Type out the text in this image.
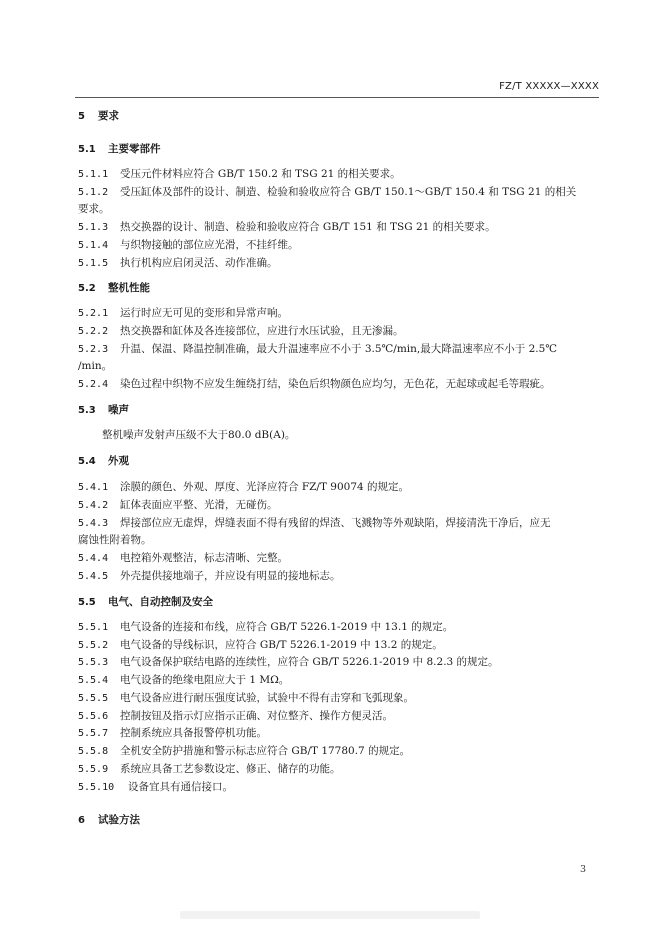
FZ/T XXXXX—XXXX
5 要求
5.1 主要零部件
5.1.1 受压元件材料应符合 GB/T 150.2 和 TSG 21 的相关要求。
5.1.2 受压缸体及部件的设计、制造、检验和验收应符合 GB/T 150.1～GB/T 150.4 和 TSG 21 的相关
要求。
5.1.3 热交换器的设计、制造、检验和验收应符合 GB/T 151 和 TSG 21 的相关要求。
5.1.4 与织物接触的部位应光滑，不挂纤维。
5.1.5 执行机构应启闭灵活、动作准确。
5.2 整机性能
5.2.1 运行时应无可见的变形和异常声响。
5.2.2 热交换器和缸体及各连接部位，应进行水压试验，且无渗漏。
5.2.3 升温、保温、降温控制准确，最大升温速率应不小于 3.5℃/min,最大降温速率应不小于 2.5℃
/min。
5.2.4 染色过程中织物不应发生缠绕打结，染色后织物颜色应均匀，无色花，无起球或起毛等瑕疵。
5.3 噪声
整机噪声发射声压级不大于80.0 dB(A)。
5.4 外观
5.4.1 涂膜的颜色、外观、厚度、光泽应符合 FZ/T 90074 的规定。
5.4.2 缸体表面应平整、光滑，无碰伤。
5.4.3 焊接部位应无虚焊，焊缝表面不得有残留的焊渣、飞溅物等外观缺陷，焊接清洗干净后，应无
腐蚀性附着物。
5.4.4 电控箱外观整洁，标志清晰、完整。
5.4.5 外壳提供接地端子，并应设有明显的接地标志。
5.5 电气、自动控制及安全
5.5.1 电气设备的连接和布线，应符合 GB/T 5226.1-2019 中 13.1 的规定。
5.5.2 电气设备的导线标识，应符合 GB/T 5226.1-2019 中 13.2 的规定。
5.5.3 电气设备保护联结电路的连续性，应符合 GB/T 5226.1-2019 中 8.2.3 的规定。
5.5.4 电气设备的绝缘电阻应大于 1 MΩ。
5.5.5 电气设备应进行耐压强度试验，试验中不得有击穿和飞弧现象。
5.5.6 控制按钮及指示灯应指示正确、对位整齐、操作方便灵活。
5.5.7 控制系统应具备报警停机功能。
5.5.8 全机安全防护措施和警示标志应符合 GB/T 17780.7 的规定。
5.5.9 系统应具备工艺参数设定、修正、储存的功能。
5.5.10 设备宜具有通信接口。
6 试验方法
3
